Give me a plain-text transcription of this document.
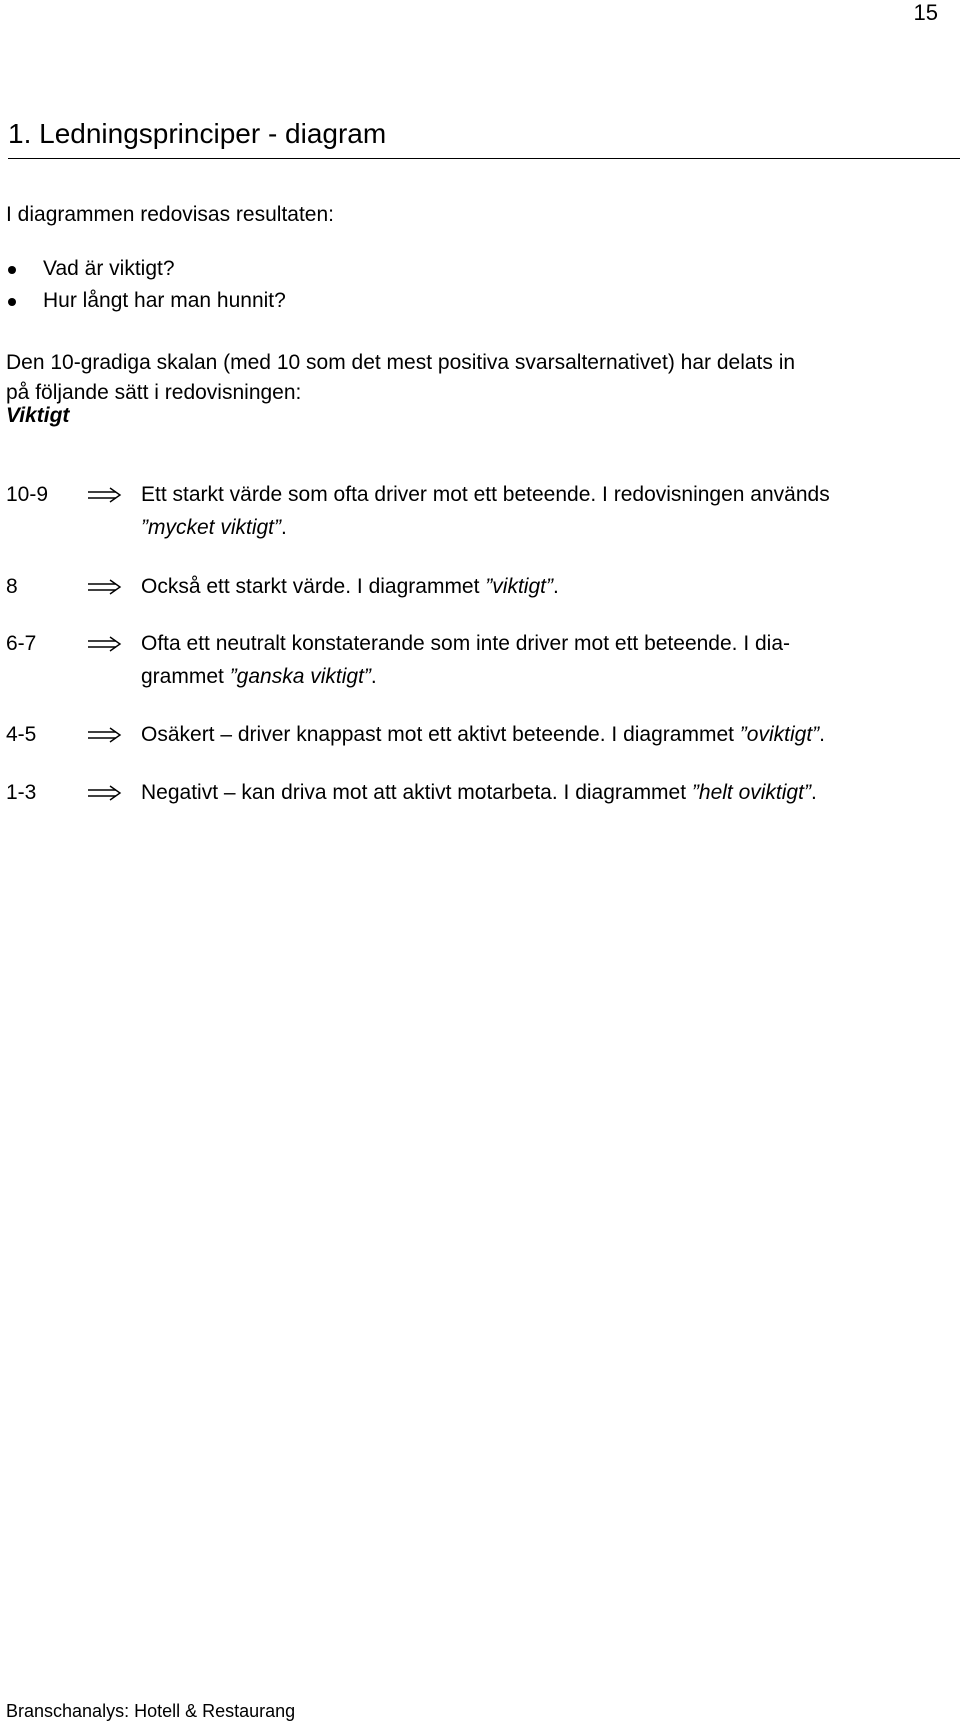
15
1. Ledningsprinciper - diagram

I diagrammen redovisas resultaten:

Vad är viktigt?
Hur långt har man hunnit?

Den 10-gradiga skalan (med 10 som det mest positiva svarsalternativet) har delats in
på följande sätt i redovisningen:

Viktigt

10-9	Ett starkt värde som ofta driver mot ett beteende. I redovisningen används
”mycket viktigt”.
8	Också ett starkt värde. I diagrammet ”viktigt”.
6-7	Ofta ett neutralt konstaterande som inte driver mot ett beteende. I dia-
grammet ”ganska viktigt”.
4-5	Osäkert – driver knappast mot ett aktivt beteende. I diagrammet ”oviktigt”.
1-3	Negativt – kan driva mot att aktivt motarbeta. I diagrammet ”helt oviktigt”.
Branschanalys: Hotell & Restaurang
